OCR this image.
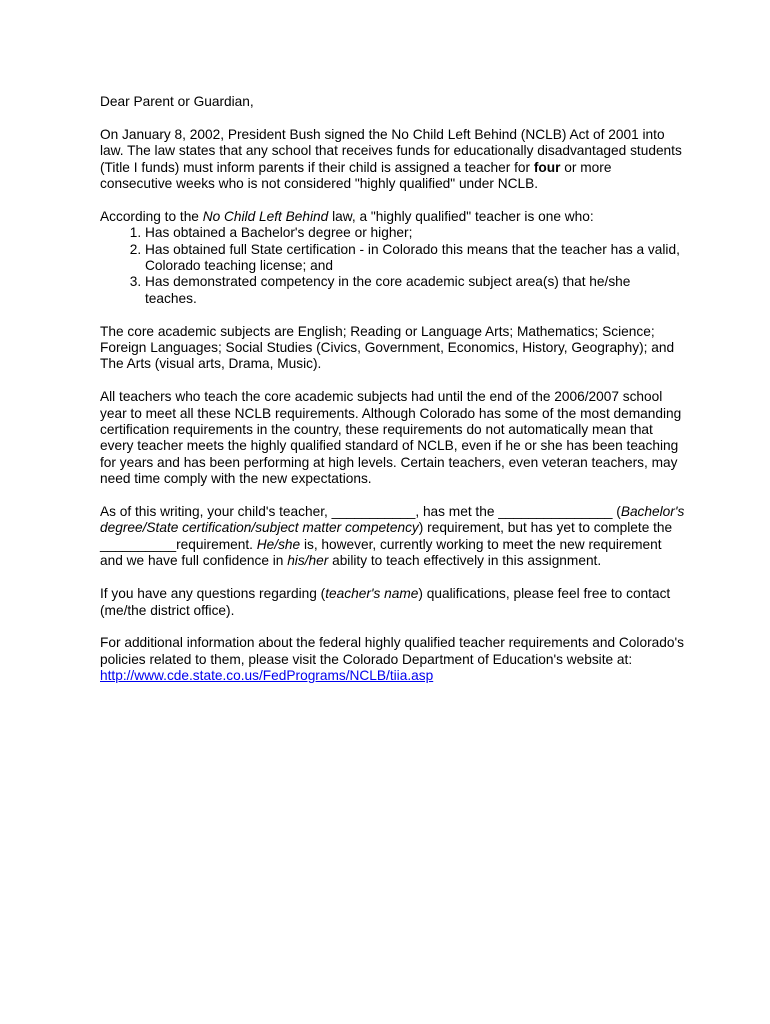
Dear Parent or Guardian,

On January 8, 2002, President Bush signed the No Child Left Behind (NCLB) Act of 2001 into law. The law states that any school that receives funds for educationally disadvantaged students (Title I funds) must inform parents if their child is assigned a teacher for four or more consecutive weeks who is not considered "highly qualified" under NCLB.

According to the No Child Left Behind law, a "highly qualified" teacher is one who:

1. Has obtained a Bachelor's degree or higher;
2. Has obtained full State certification - in Colorado this means that the teacher has a valid, Colorado teaching license; and
3. Has demonstrated competency in the core academic subject area(s) that he/she teaches.

The core academic subjects are English; Reading or Language Arts; Mathematics; Science; Foreign Languages; Social Studies (Civics, Government, Economics, History, Geography); and The Arts (visual arts, Drama, Music).

All teachers who teach the core academic subjects had until the end of the 2006/2007 school year to meet all these NCLB requirements. Although Colorado has some of the most demanding certification requirements in the country, these requirements do not automatically mean that every teacher meets the highly qualified standard of NCLB, even if he or she has been teaching for years and has been performing at high levels. Certain teachers, even veteran teachers, may need time comply with the new expectations.

As of this writing, your child's teacher, ___________, has met the _______________ (Bachelor's degree/State certification/subject matter competency) requirement, but has yet to complete the __________requirement. He/she is, however, currently working to meet the new requirement and we have full confidence in his/her ability to teach effectively in this assignment.

If you have any questions regarding (teacher's name) qualifications, please feel free to contact (me/the district office).

For additional information about the federal highly qualified teacher requirements and Colorado's policies related to them, please visit the Colorado Department of Education's website at: http://www.cde.state.co.us/FedPrograms/NCLB/tiia.asp
